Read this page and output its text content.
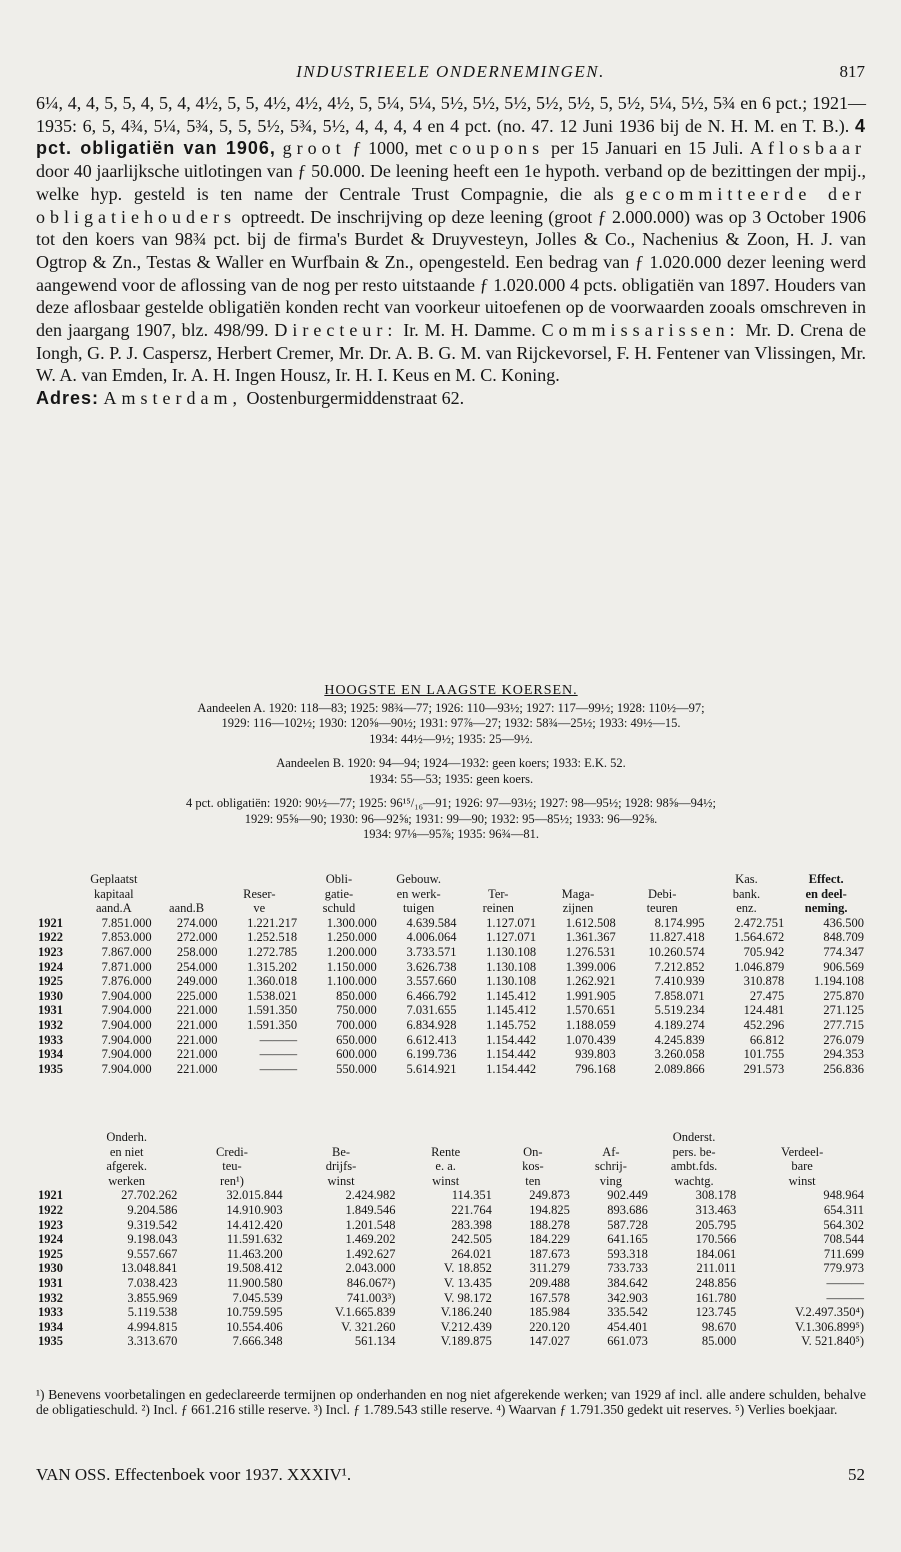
INDUSTRIEELE ONDERNEMINGEN.	817

6¼, 4, 4, 5, 5, 4, 5, 4, 4½, 5, 5, 4½, 4½, 4½, 5, 5¼, 5¼, 5½, 5½, 5½, 5½, 5½, 5, 5½, 5¼, 5½, 5¾ en 6 pct.; 1921—1935: 6, 5, 4¾, 5¼, 5¾, 5, 5, 5½, 5¾, 5½, 4, 4, 4, 4 en 4 pct. (no. 47. 12 Juni 1936 bij de N. H. M. en T. B.). 4 pct. obligatiën van 1906, groot ƒ 1000, met coupons per 15 Januari en 15 Juli. Aflosbaar door 40 jaarlijksche uitlotingen van ƒ 50.000. De leening heeft een 1e hypoth. verband op de bezittingen der mpij., welke hyp. gesteld is ten name der Centrale Trust Compagnie, die als gecommitteerde der obligatiehouders optreedt. De inschrijving op deze leening (groot ƒ 2.000.000) was op 3 October 1906 tot den koers van 98¾ pct. bij de firma's Burdet & Druyvesteyn, Jolles & Co., Nachenius & Zoon, H. J. van Ogtrop & Zn., Testas & Waller en Wurfbain & Zn., opengesteld. Een bedrag van ƒ 1.020.000 dezer leening werd aangewend voor de aflossing van de nog per resto uitstaande ƒ 1.020.000 4 pcts. obligatiën van 1897. Houders van deze aflosbaar gestelde obligatiën konden recht van voorkeur uitoefenen op de voorwaarden zooals omschreven in den jaargang 1907, blz. 498/99. Directeur: Ir. M. H. Damme. Commissarissen: Mr. D. Crena de Iongh, G. P. J. Caspersz, Herbert Cremer, Mr. Dr. A. B. G. M. van Rijckevorsel, F. H. Fentener van Vlissingen, Mr. W. A. van Emden, Ir. A. H. Ingen Housz, Ir. H. I. Keus en M. C. Koning.

Adres: Amsterdam, Oostenburgermiddenstraat 62.

HOOGSTE EN LAAGSTE KOERSEN.
Aandeelen A. 1920: 118—83; 1925: 98¾—77; 1926: 110—93½; 1927: 117—99½; 1928: 110½—97;
1929: 116—102½; 1930: 120⅝—90½; 1931: 97⅞—27; 1932: 58¾—25½; 1933: 49½—15.
1934: 44½—9½; 1935: 25—9½.
Aandeelen B. 1920: 94—94; 1924—1932: geen koers; 1933: E.K. 52.
1934: 55—53; 1935: geen koers.
4 pct. obligatiën: 1920: 90½—77; 1925: 96¹⁵/₁₆—91; 1926: 97—93½; 1927: 98—95½; 1928: 98⅝—94½;
1929: 95⅝—90; 1930: 96—92⅝; 1931: 99—90; 1932: 95—85½; 1933: 96—92⅝.
1934: 97⅛—95⅞; 1935: 96¾—81.
	Geplaatst
kapitaal
aand.A	aand.B	Reser-
ve	Obli-
gatie-
schuld	Gebouw.
en werk-
tuigen	Ter-
reinen	Maga-
zijnen	Debi-
teuren	Kas.
bank.
enz.	Effect.
en deel-
neming.
1921	7.851.000	274.000	1.221.217	1.300.000	4.639.584	1.127.071	1.612.508	8.174.995	2.472.751	436.500
1922	7.853.000	272.000	1.252.518	1.250.000	4.006.064	1.127.071	1.361.367	11.827.418	1.564.672	848.709
1923	7.867.000	258.000	1.272.785	1.200.000	3.733.571	1.130.108	1.276.531	10.260.574	705.942	774.347
1924	7.871.000	254.000	1.315.202	1.150.000	3.626.738	1.130.108	1.399.006	7.212.852	1.046.879	906.569
1925	7.876.000	249.000	1.360.018	1.100.000	3.557.660	1.130.108	1.262.921	7.410.939	310.878	1.194.108
1930	7.904.000	225.000	1.538.021	850.000	6.466.792	1.145.412	1.991.905	7.858.071	27.475	275.870
1931	7.904.000	221.000	1.591.350	750.000	7.031.655	1.145.412	1.570.651	5.519.234	124.481	271.125
1932	7.904.000	221.000	1.591.350	700.000	6.834.928	1.145.752	1.188.059	4.189.274	452.296	277.715
1933	7.904.000	221.000	———	650.000	6.612.413	1.154.442	1.070.439	4.245.839	66.812	276.079
1934	7.904.000	221.000	———	600.000	6.199.736	1.154.442	939.803	3.260.058	101.755	294.353
1935	7.904.000	221.000	———	550.000	5.614.921	1.154.442	796.168	2.089.866	291.573	256.836
	Onderh.
en niet
afgerek.
werken	Credi-
teu-
ren¹)	Be-
drijfs-
winst	Rente
e. a.
winst	On-
kos-
ten	Af-
schrij-
ving	Onderst.
pers. be-
ambt.fds.
wachtg.	Verdeel-
bare
winst
1921	27.702.262	32.015.844	2.424.982	114.351	249.873	902.449	308.178	948.964
1922	9.204.586	14.910.903	1.849.546	221.764	194.825	893.686	313.463	654.311
1923	9.319.542	14.412.420	1.201.548	283.398	188.278	587.728	205.795	564.302
1924	9.198.043	11.591.632	1.469.202	242.505	184.229	641.165	170.566	708.544
1925	9.557.667	11.463.200	1.492.627	264.021	187.673	593.318	184.061	711.699
1930	13.048.841	19.508.412	2.043.000	V. 18.852	311.279	733.733	211.011	779.973
1931	7.038.423	11.900.580	846.067²)	V. 13.435	209.488	384.642	248.856	———
1932	3.855.969	7.045.539	741.003³)	V. 98.172	167.578	342.903	161.780	———
1933	5.119.538	10.759.595	V.1.665.839	V.186.240	185.984	335.542	123.745	V.2.497.350⁴)
1934	4.994.815	10.554.406	V. 321.260	V.212.439	220.120	454.401	98.670	V.1.306.899⁵)
1935	3.313.670	7.666.348	561.134	V.189.875	147.027	661.073	85.000	V. 521.840⁵)
¹) Benevens voorbetalingen en gedeclareerde termijnen op onderhanden en nog niet afgerekende werken; van 1929 af incl. alle andere schulden, behalve de obligatieschuld. ²) Incl. ƒ 661.216 stille reserve. ³) Incl. ƒ 1.789.543 stille reserve. ⁴) Waarvan ƒ 1.791.350 gedekt uit reserves. ⁵) Verlies boekjaar.
VAN OSS. Effectenboek voor 1937. XXXIV¹.	52
